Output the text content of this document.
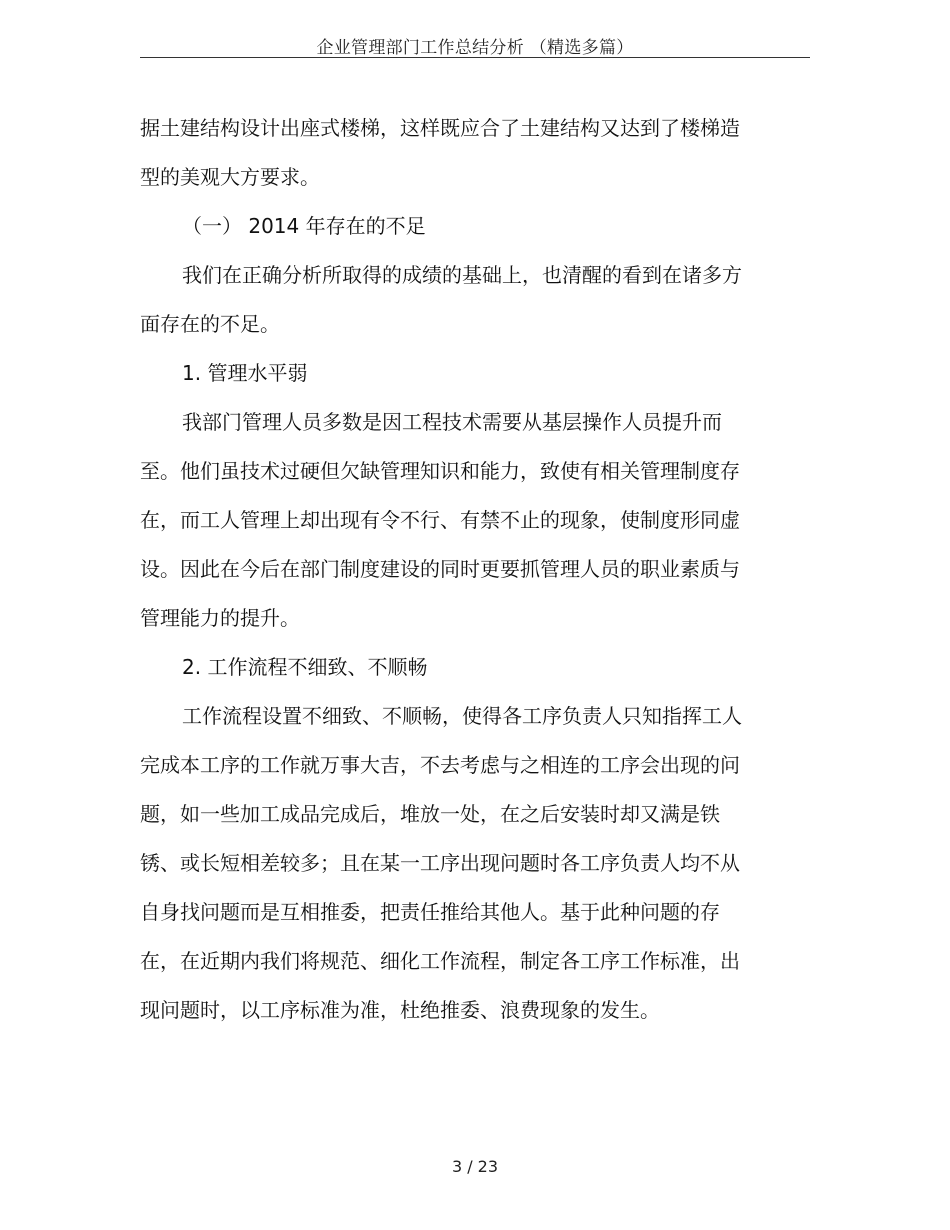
企业管理部门工作总结分析 （精选多篇）
据土建结构设计出座式楼梯，这样既应合了土建结构又达到了楼梯造
型的美观大方要求。
（一） 2014 年存在的不足
我们在正确分析所取得的成绩的基础上，也清醒的看到在诸多方
面存在的不足。
1. 管理水平弱
我部门管理人员多数是因工程技术需要从基层操作人员提升而
至。他们虽技术过硬但欠缺管理知识和能力，致使有相关管理制度存
在，而工人管理上却出现有令不行、有禁不止的现象，使制度形同虚
设。因此在今后在部门制度建设的同时更要抓管理人员的职业素质与
管理能力的提升。
2. 工作流程不细致、不顺畅
工作流程设置不细致、不顺畅，使得各工序负责人只知指挥工人
完成本工序的工作就万事大吉，不去考虑与之相连的工序会出现的问
题，如一些加工成品完成后，堆放一处，在之后安装时却又满是铁
锈、或长短相差较多；且在某一工序出现问题时各工序负责人均不从
自身找问题而是互相推委，把责任推给其他人。基于此种问题的存
在，在近期内我们将规范、细化工作流程，制定各工序工作标准，出
现问题时，以工序标准为准，杜绝推委、浪费现象的发生。
3 / 23
